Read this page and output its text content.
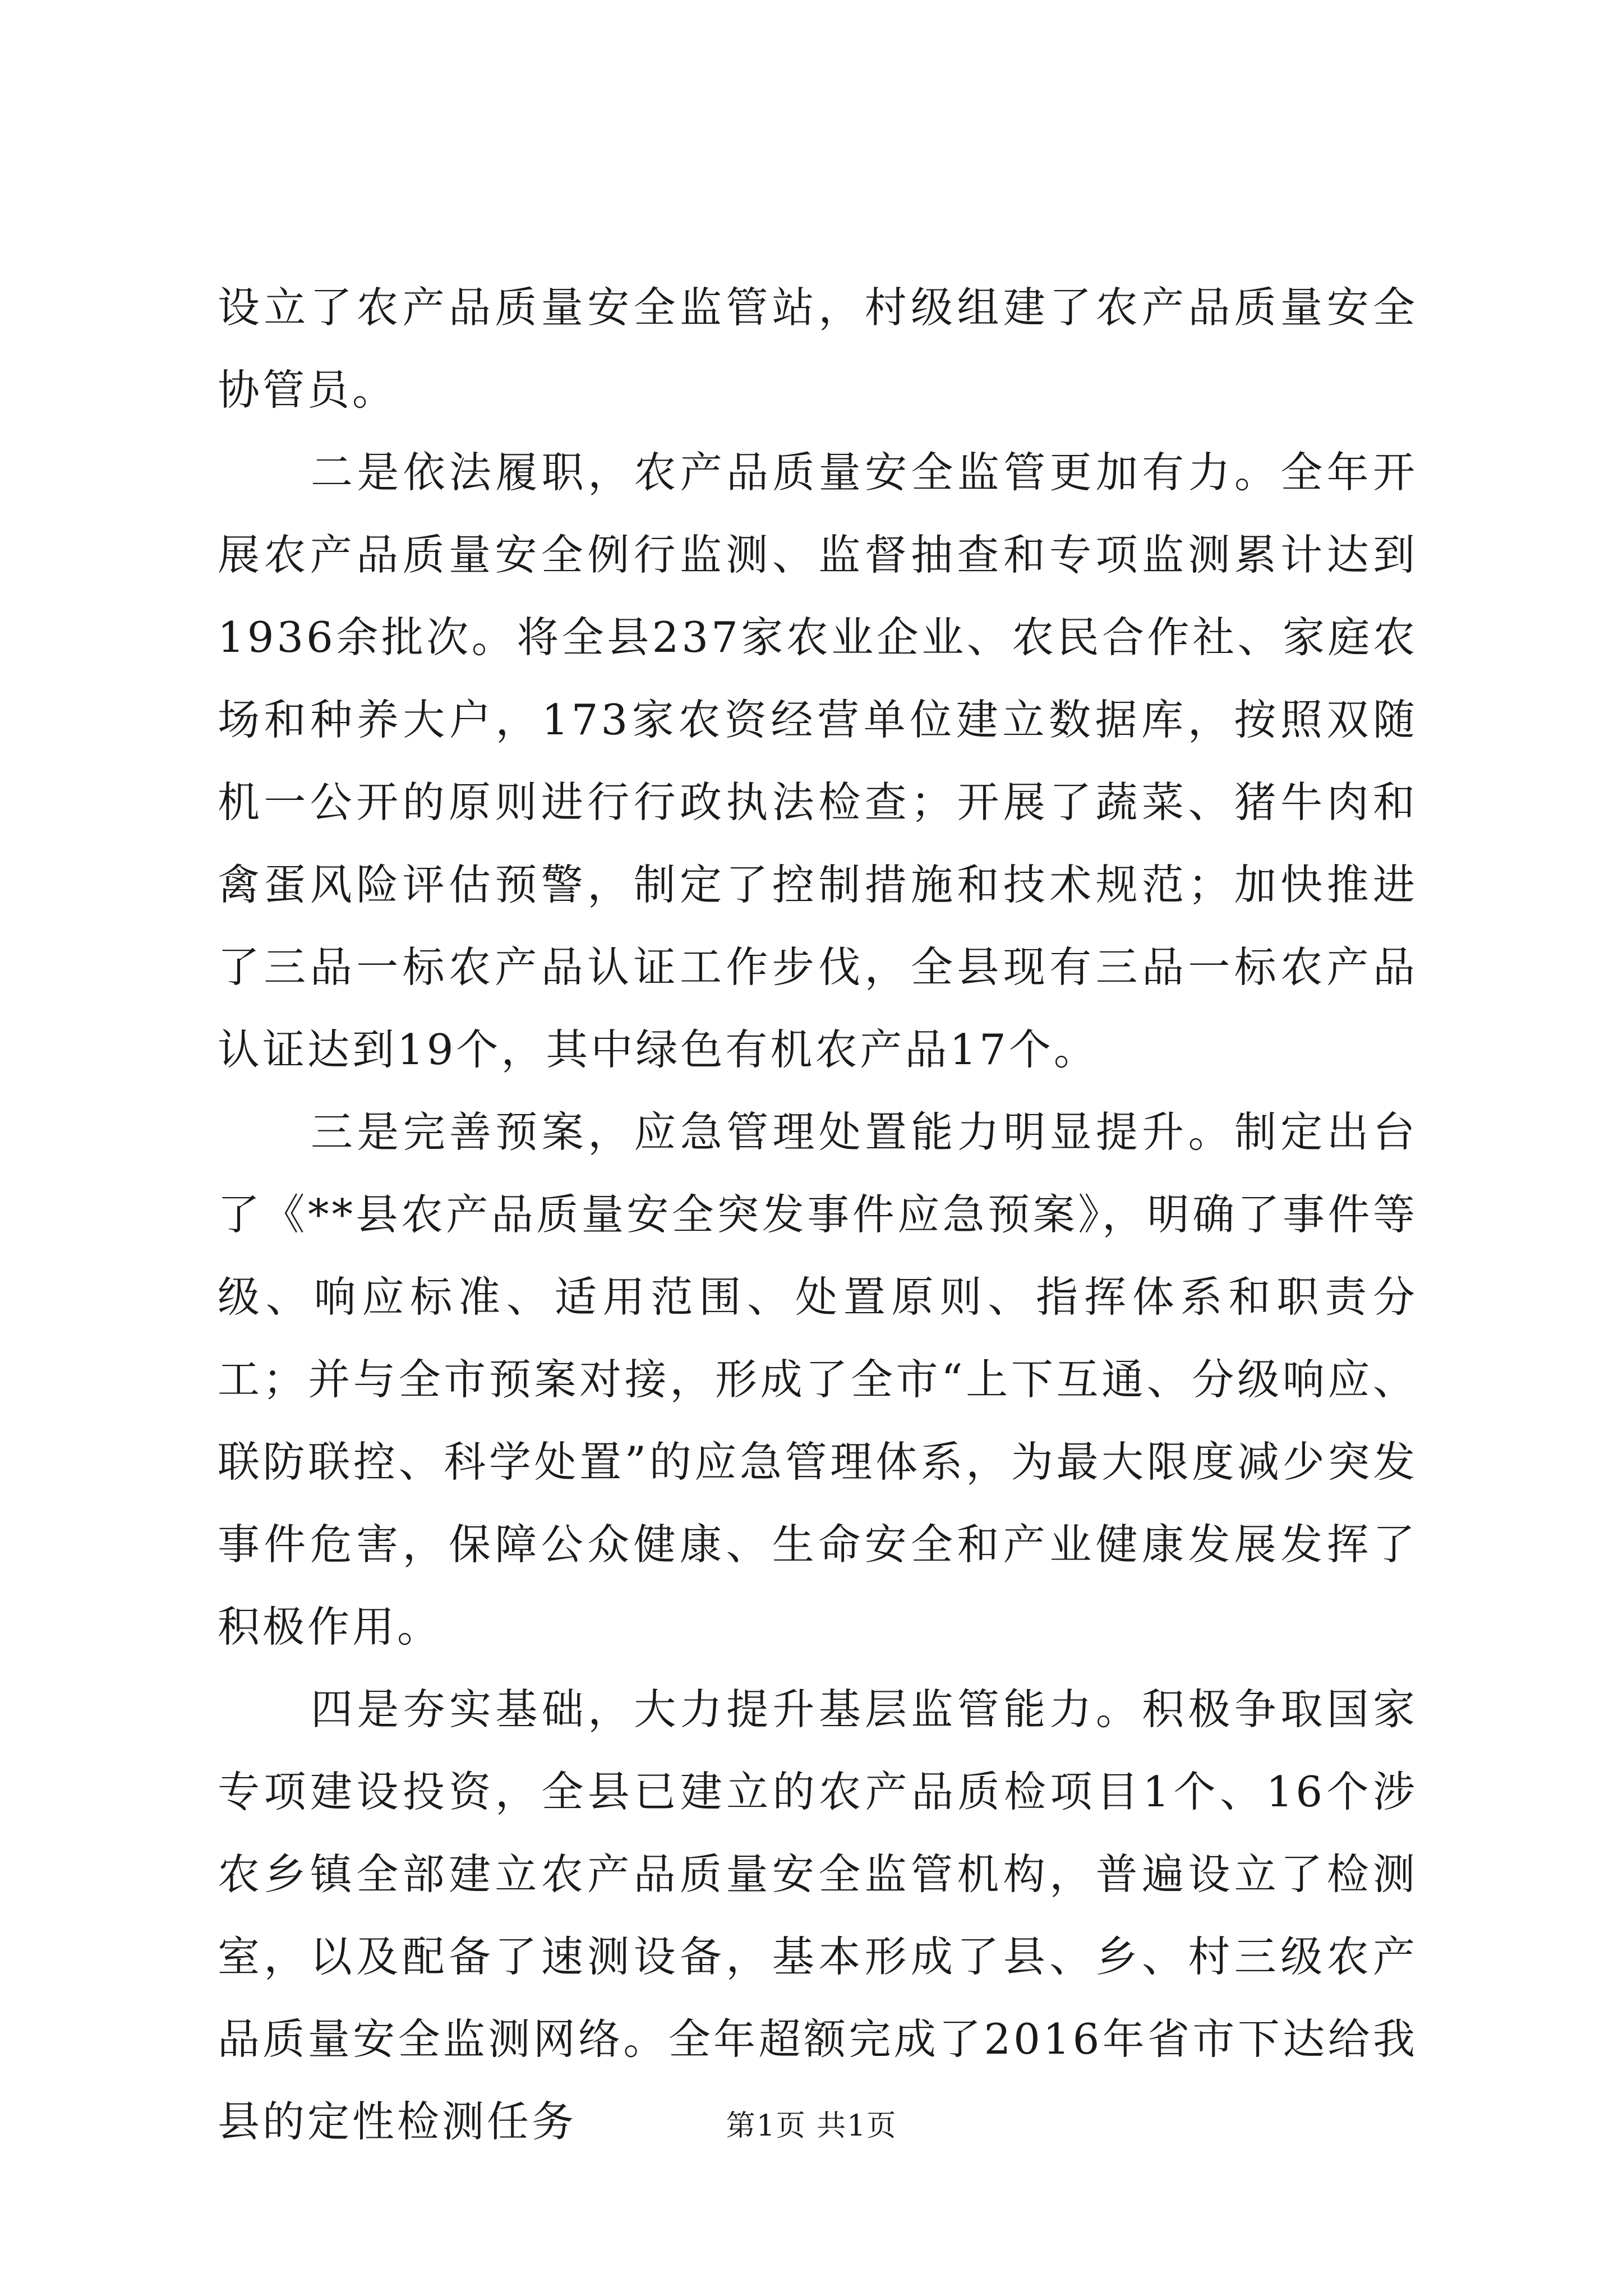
设立了农产品质量安全监管站，村级组建了农产品质量安全协管员。

二是依法履职，农产品质量安全监管更加有力。全年开展农产品质量安全例行监测、监督抽查和专项监测累计达到1936余批次。将全县237家农业企业、农民合作社、家庭农场和种养大户，173家农资经营单位建立数据库，按照双随机一公开的原则进行行政执法检查；开展了蔬菜、猪牛肉和禽蛋风险评估预警，制定了控制措施和技术规范；加快推进了三品一标农产品认证工作步伐，全县现有三品一标农产品认证达到19个，其中绿色有机农产品17个。

三是完善预案，应急管理处置能力明显提升。制定出台了《**县农产品质量安全突发事件应急预案》，明确了事件等级、响应标准、适用范围、处置原则、指挥体系和职责分工；并与全市预案对接，形成了全市“上下互通、分级响应、联防联控、科学处置”的应急管理体系，为最大限度减少突发事件危害，保障公众健康、生命安全和产业健康发展发挥了积极作用。

四是夯实基础，大力提升基层监管能力。积极争取国家专项建设投资，全县已建立的农产品质检项目1个、16个涉农乡镇全部建立农产品质量安全监管机构，普遍设立了检测室，以及配备了速测设备，基本形成了县、乡、村三级农产品质量安全监测网络。全年超额完成了2016年省市下达给我县的定性检测任务	第1页 共1页
